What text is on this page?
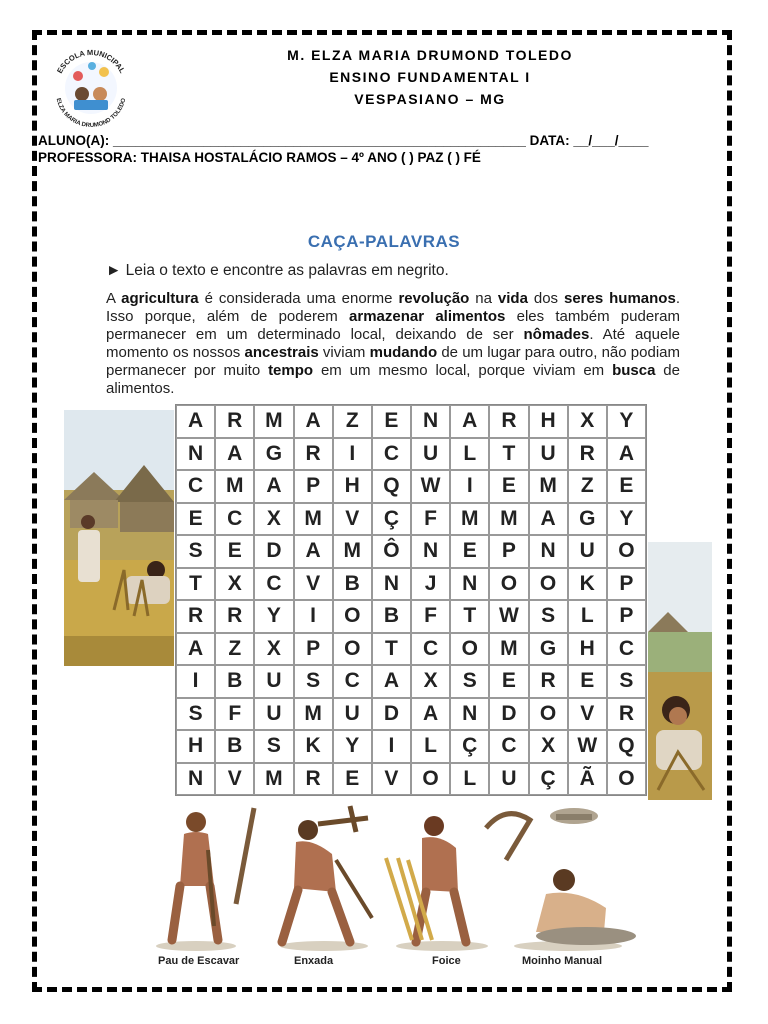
ESCOLA MUNICIPAL
ELZA MARIA DRUMOND TOLEDO
M. ELZA MARIA DRUMOND TOLEDO
ENSINO FUNDAMENTAL I
VESPASIANO – MG
ALUNO(A): _______________________________________________________ DATA: __/___/____
PROFESSORA: THAISA HOSTALÁCIO RAMOS – 4º ANO ( ) PAZ ( ) FÉ
CAÇA-PALAVRAS
► Leia o texto e encontre as palavras em negrito.
A agricultura é considerada uma enorme revolução na vida dos seres humanos. Isso porque, além de poderem armazenar alimentos eles também puderam permanecer em um determinado local, deixando de ser nômades. Até aquele momento os nossos ancestrais viviam mudando de um lugar para outro, não podiam permanecer por muito tempo em um mesmo local, porque viviam em busca de alimentos.
A	R	M	A	Z	E	N	A	R	H	X	Y
N	A	G	R	I	C	U	L	T	U	R	A
C	M	A	P	H	Q	W	I	E	M	Z	E
E	C	X	M	V	Ç	F	M	M	A	G	Y
S	E	D	A	M	Ô	N	E	P	N	U	O
T	X	C	V	B	N	J	N	O	O	K	P
R	R	Y	I	O	B	F	T	W	S	L	P
A	Z	X	P	O	T	C	O	M	G	H	C
I	B	U	S	C	A	X	S	E	R	E	S
S	F	U	M	U	D	A	N	D	O	V	R
H	B	S	K	Y	I	L	Ç	C	X	W	Q
N	V	M	R	E	V	O	L	U	Ç	Ã	O
Pau de Escavar	Enxada	Foice	Moinho Manual
